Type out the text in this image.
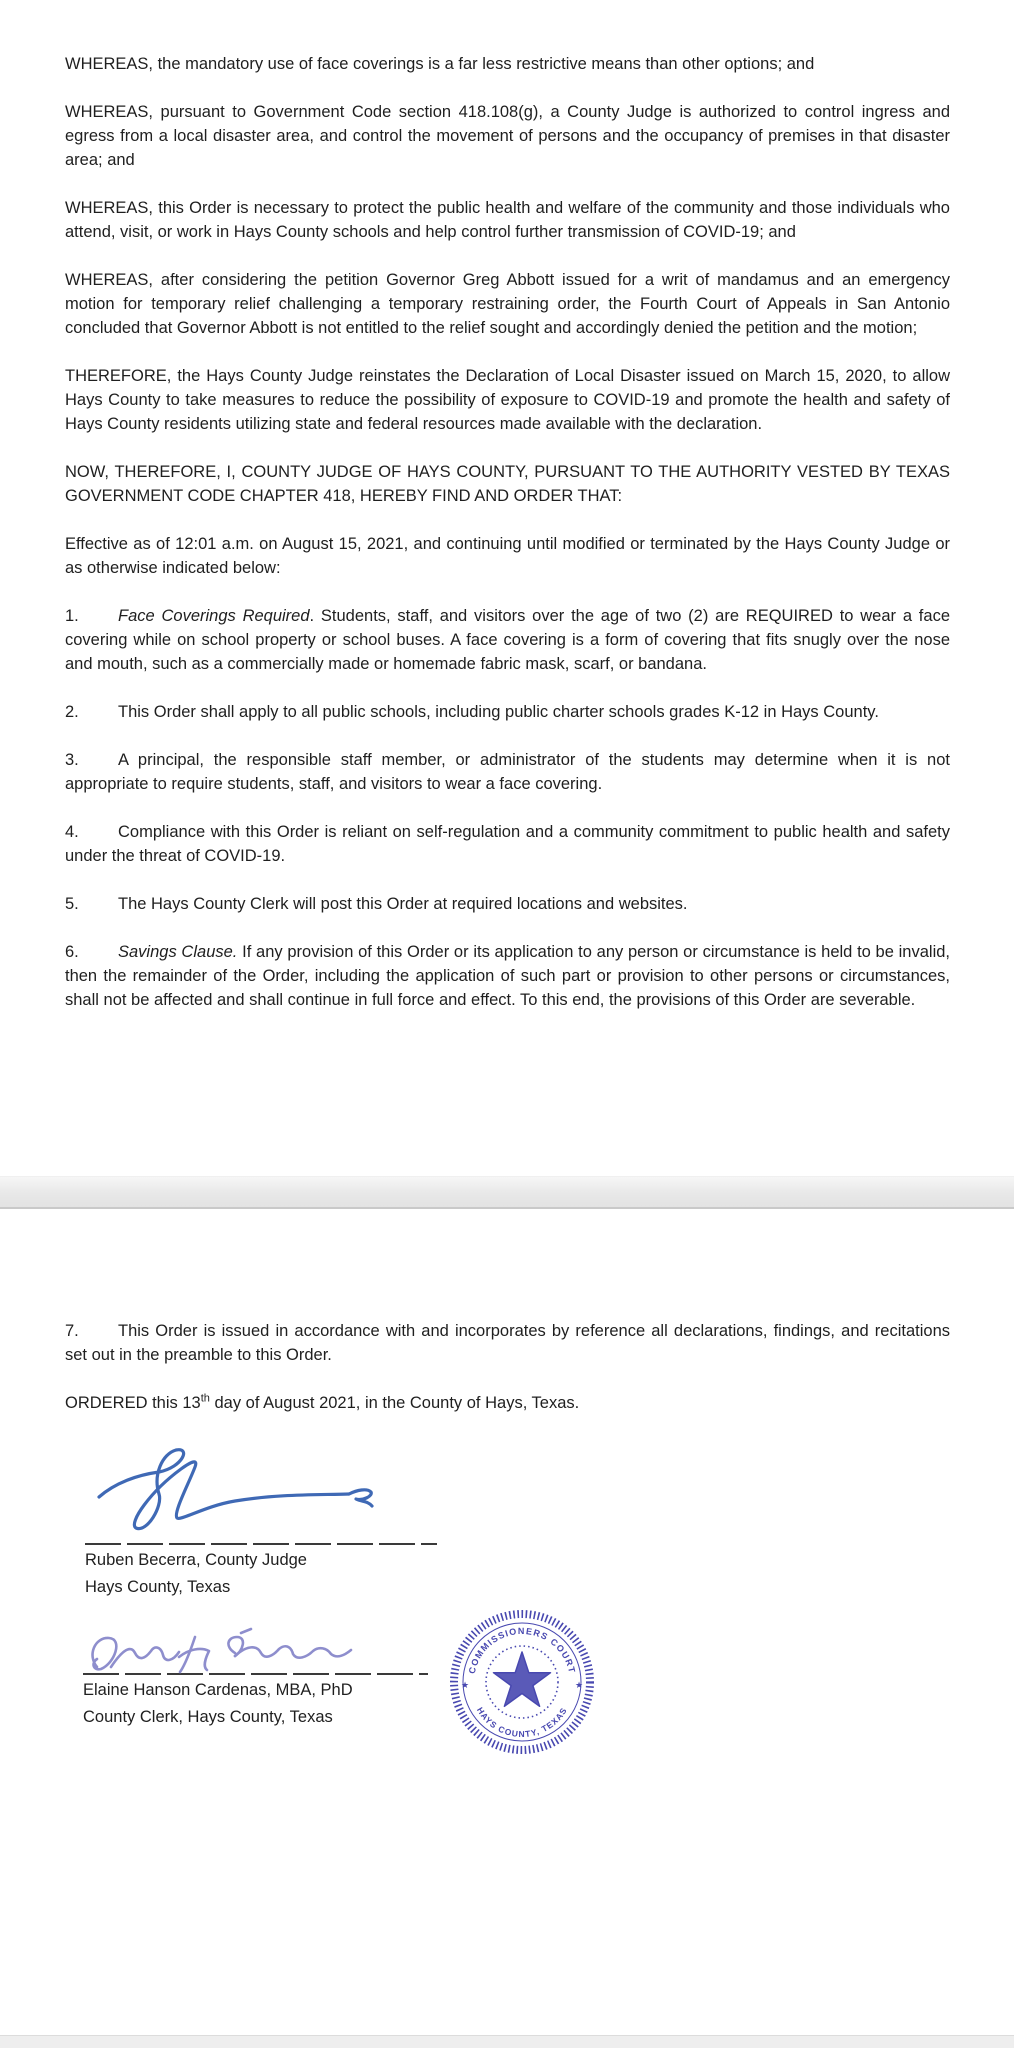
WHEREAS, the mandatory use of face coverings is a far less restrictive means than other options; and

WHEREAS, pursuant to Government Code section 418.108(g), a County Judge is authorized to control ingress and egress from a local disaster area, and control the movement of persons and the occupancy of premises in that disaster area; and

WHEREAS, this Order is necessary to protect the public health and welfare of the community and those individuals who attend, visit, or work in Hays County schools and help control further transmission of COVID-19; and

WHEREAS, after considering the petition Governor Greg Abbott issued for a writ of mandamus and an emergency motion for temporary relief challenging a temporary restraining order, the Fourth Court of Appeals in San Antonio concluded that Governor Abbott is not entitled to the relief sought and accordingly denied the petition and the motion;

THEREFORE, the Hays County Judge reinstates the Declaration of Local Disaster issued on March 15, 2020, to allow Hays County to take measures to reduce the possibility of exposure to COVID-19 and promote the health and safety of Hays County residents utilizing state and federal resources made available with the declaration.

NOW, THEREFORE, I, COUNTY JUDGE OF HAYS COUNTY, PURSUANT TO THE AUTHORITY VESTED BY TEXAS GOVERNMENT CODE CHAPTER 418, HEREBY FIND AND ORDER THAT:

Effective as of 12:01 a.m. on August 15, 2021, and continuing until modified or terminated by the Hays County Judge or as otherwise indicated below:

1. Face Coverings Required. Students, staff, and visitors over the age of two (2) are REQUIRED to wear a face covering while on school property or school buses. A face covering is a form of covering that fits snugly over the nose and mouth, such as a commercially made or homemade fabric mask, scarf, or bandana.
2. This Order shall apply to all public schools, including public charter schools grades K-12 in Hays County.
3. A principal, the responsible staff member, or administrator of the students may determine when it is not appropriate to require students, staff, and visitors to wear a face covering.
4. Compliance with this Order is reliant on self-regulation and a community commitment to public health and safety under the threat of COVID-19.
5. The Hays County Clerk will post this Order at required locations and websites.
6. Savings Clause. If any provision of this Order or its application to any person or circumstance is held to be invalid, then the remainder of the Order, including the application of such part or provision to other persons or circumstances, shall not be affected and shall continue in full force and effect. To this end, the provisions of this Order are severable.
7. This Order is issued in accordance with and incorporates by reference all declarations, findings, and recitations set out in the preamble to this Order.

ORDERED this 13th day of August 2021, in the County of Hays, Texas.

Ruben Becerra, County Judge

Hays County, Texas

Elaine Hanson Cardenas, MBA, PhD

County Clerk, Hays County, Texas

COMMISSIONERS COURT
HAYS COUNTY, TEXAS
★	★
